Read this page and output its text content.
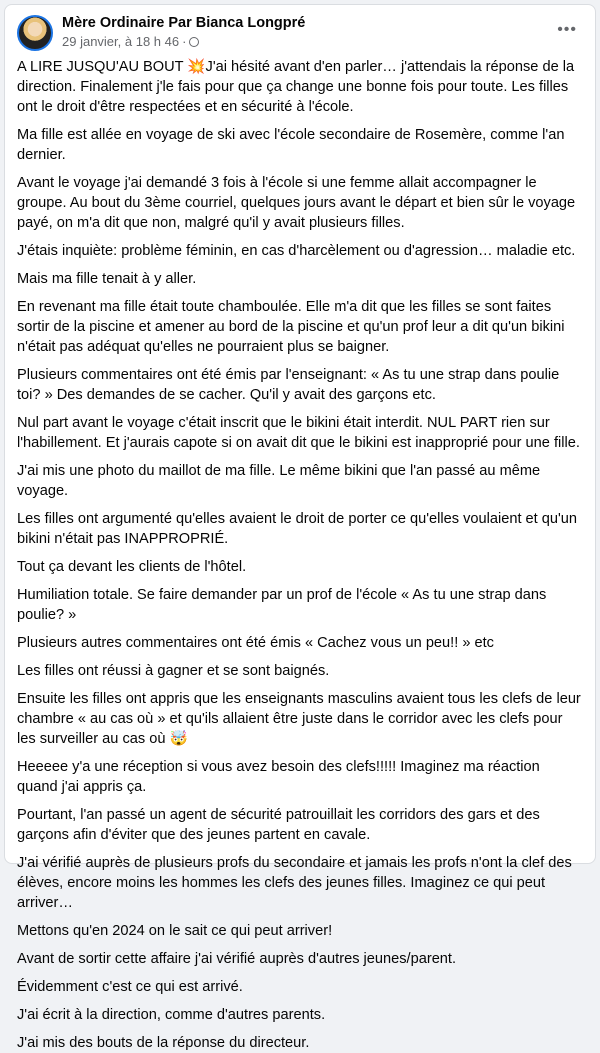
Mère Ordinaire Par Bianca Longpré
29 janvier, à 18 h 46 ·
•••

A LIRE JUSQU'AU BOUT 💥J'ai hésité avant d'en parler… j'attendais la réponse de la direction. Finalement j'le fais pour que ça change une bonne fois pour toute. Les filles ont le droit d'être respectées et en sécurité à l'école.

Ma fille est allée en voyage de ski avec l'école secondaire de Rosemère, comme l'an dernier.

Avant le voyage j'ai demandé 3 fois à l'école si une femme allait accompagner le groupe. Au bout du 3ème courriel, quelques jours avant le départ et bien sûr le voyage payé, on m'a dit que non, malgré qu'il y avait plusieurs filles.

J'étais inquiète: problème féminin, en cas d'harcèlement ou d'agression… maladie etc.

Mais ma fille tenait à y aller.

En revenant ma fille était toute chamboulée. Elle m'a dit que les filles se sont faites sortir de la piscine et amener au bord de la piscine et qu'un prof leur a dit qu'un bikini n'était pas adéquat qu'elles ne pourraient plus se baigner.

Plusieurs commentaires ont été émis par l'enseignant: « As tu une strap dans poulie toi? » Des demandes de se cacher. Qu'il y avait des garçons etc.

Nul part avant le voyage c'était inscrit que le bikini était interdit. NUL PART rien sur l'habillement. Et j'aurais capote si on avait dit que le bikini est inapproprié pour une fille.

J'ai mis une photo du maillot de ma fille. Le même bikini que l'an passé au même voyage.

Les filles ont argumenté qu'elles avaient le droit de porter ce qu'elles voulaient et qu'un bikini n'était pas INAPPROPRIÉ.

Tout ça devant les clients de l'hôtel.

Humiliation totale. Se faire demander par un prof de l'école « As tu une strap dans poulie? »

Plusieurs autres commentaires ont été émis « Cachez vous un peu!! » etc

Les filles ont réussi à gagner et se sont baignés.

Ensuite les filles ont appris que les enseignants masculins avaient tous les clefs de leur chambre « au cas où » et qu'ils allaient être juste dans le corridor avec les clefs pour les surveiller au cas où 🤯

Heeeee y'a une réception si vous avez besoin des clefs!!!!! Imaginez ma réaction quand j'ai appris ça.

Pourtant, l'an passé un agent de sécurité patrouillait les corridors des gars et des garçons afin d'éviter que des jeunes partent en cavale.

J'ai vérifié auprès de plusieurs profs du secondaire et jamais les profs n'ont la clef des élèves, encore moins les hommes les clefs des jeunes filles. Imaginez ce qui peut arriver…

Mettons qu'en 2024 on le sait ce qui peut arriver!

Avant de sortir cette affaire j'ai vérifié auprès d'autres jeunes/parent.

Évidemment c'est ce qui est arrivé.

J'ai écrit à la direction, comme d'autres parents.

J'ai mis des bouts de la réponse du directeur.
